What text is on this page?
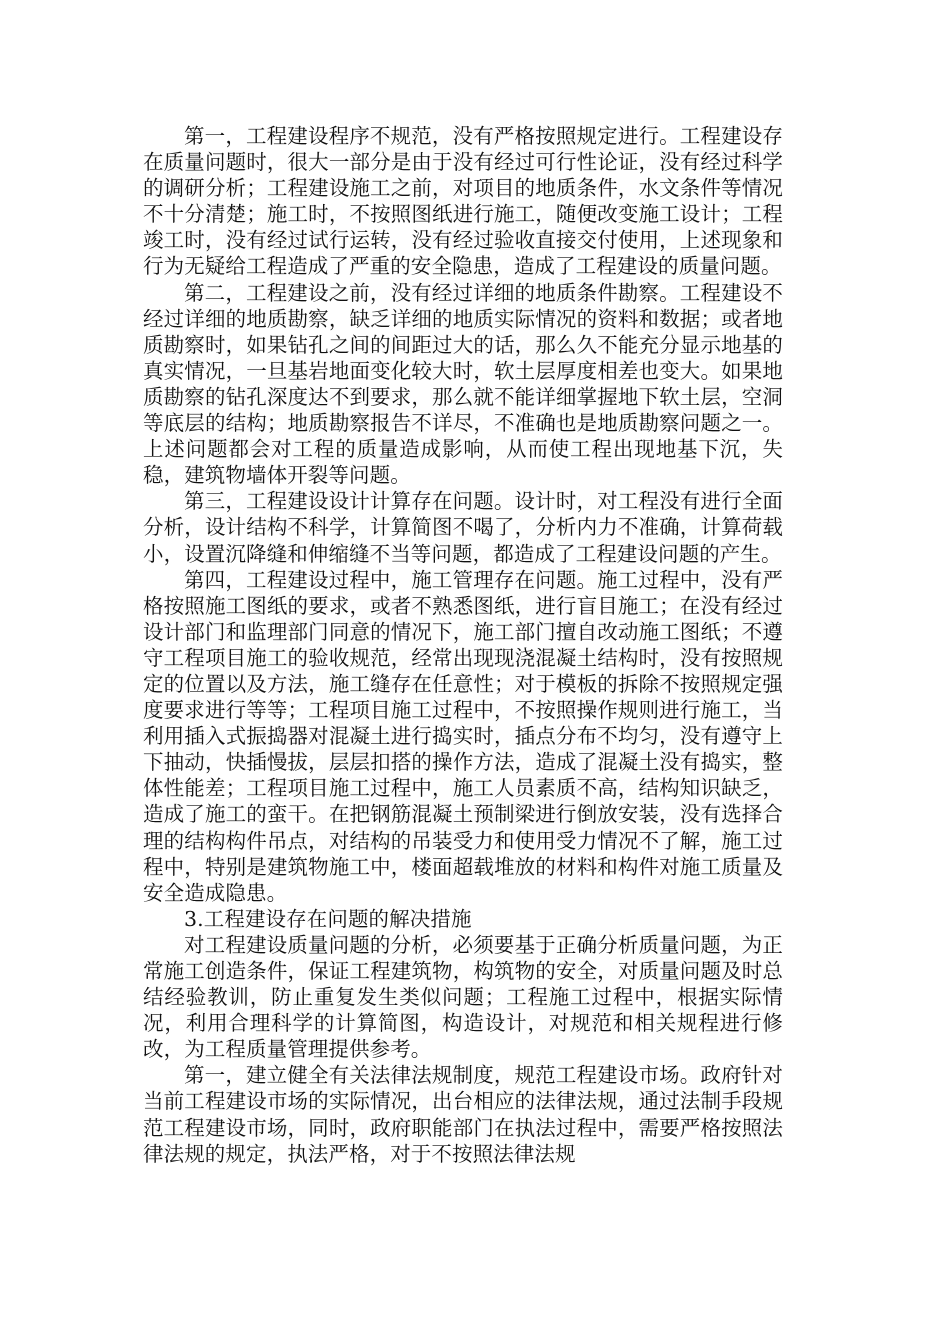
第一，工程建设程序不规范，没有严格按照规定进行。工程建设存在质量问题时，很大一部分是由于没有经过可行性论证，没有经过科学的调研分析；工程建设施工之前，对项目的地质条件，水文条件等情况不十分清楚；施工时，不按照图纸进行施工，随便改变施工设计；工程竣工时，没有经过试行运转，没有经过验收直接交付使用，上述现象和行为无疑给工程造成了严重的安全隐患，造成了工程建设的质量问题。

第二，工程建设之前，没有经过详细的地质条件勘察。工程建设不经过详细的地质勘察，缺乏详细的地质实际情况的资料和数据；或者地质勘察时，如果钻孔之间的间距过大的话，那么久不能充分显示地基的真实情况，一旦基岩地面变化较大时，软土层厚度相差也变大。如果地质勘察的钻孔深度达不到要求，那么就不能详细掌握地下软土层，空洞等底层的结构；地质勘察报告不详尽，不准确也是地质勘察问题之一。上述问题都会对工程的质量造成影响，从而使工程出现地基下沉，失稳，建筑物墙体开裂等问题。

第三，工程建设设计计算存在问题。设计时，对工程没有进行全面分析，设计结构不科学，计算简图不喝了，分析内力不准确，计算荷载小，设置沉降缝和伸缩缝不当等问题，都造成了工程建设问题的产生。

第四，工程建设过程中，施工管理存在问题。施工过程中，没有严格按照施工图纸的要求，或者不熟悉图纸，进行盲目施工；在没有经过设计部门和监理部门同意的情况下，施工部门擅自改动施工图纸；不遵守工程项目施工的验收规范，经常出现现浇混凝土结构时，没有按照规定的位置以及方法，施工缝存在任意性；对于模板的拆除不按照规定强度要求进行等等；工程项目施工过程中，不按照操作规则进行施工，当利用插入式振捣器对混凝土进行捣实时，插点分布不均匀，没有遵守上下抽动，快插慢拔，层层扣搭的操作方法，造成了混凝土没有捣实，整体性能差；工程项目施工过程中，施工人员素质不高，结构知识缺乏，造成了施工的蛮干。在把钢筋混凝土预制梁进行倒放安装，没有选择合理的结构构件吊点，对结构的吊装受力和使用受力情况不了解，施工过程中，特别是建筑物施工中，楼面超载堆放的材料和构件对施工质量及安全造成隐患。

3.工程建设存在问题的解决措施

对工程建设质量问题的分析，必须要基于正确分析质量问题，为正常施工创造条件，保证工程建筑物，构筑物的安全，对质量问题及时总结经验教训，防止重复发生类似问题；工程施工过程中，根据实际情况，利用合理科学的计算简图，构造设计，对规范和相关规程进行修改，为工程质量管理提供参考。

第一，建立健全有关法律法规制度，规范工程建设市场。政府针对当前工程建设市场的实际情况，出台相应的法律法规，通过法制手段规范工程建设市场，同时，政府职能部门在执法过程中，需要严格按照法律法规的规定，执法严格，对于不按照法律法规
